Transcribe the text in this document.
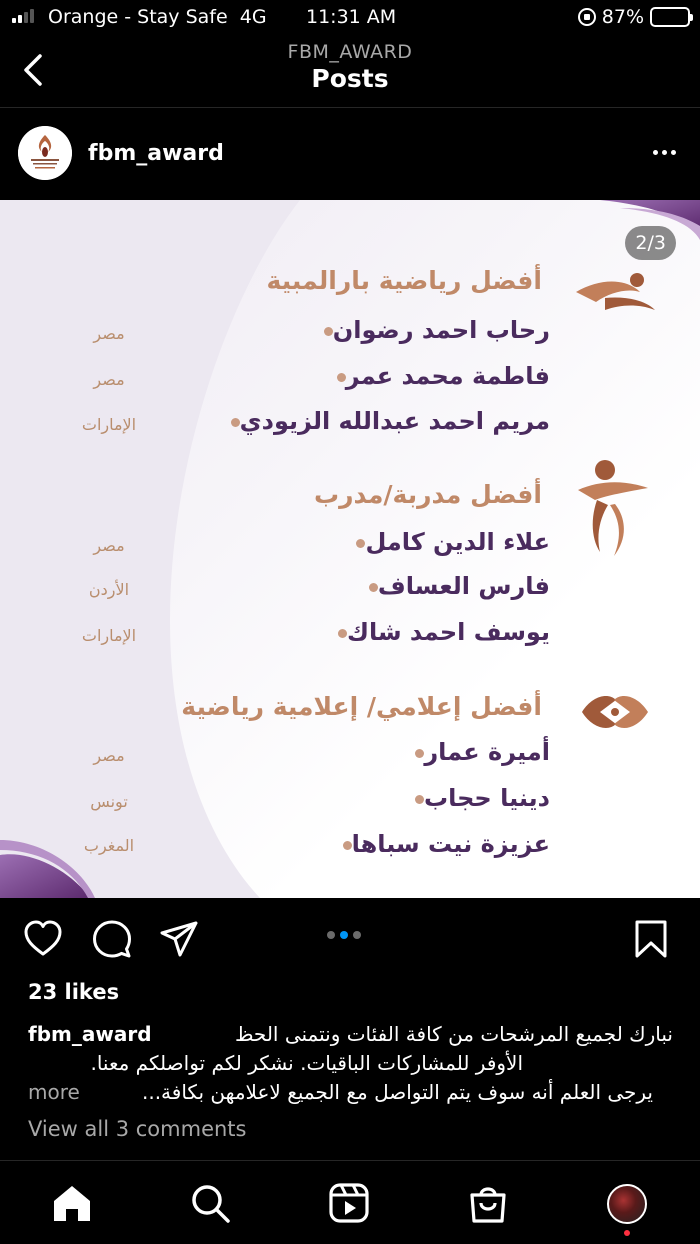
Orange - Stay Safe 4G 11:31 AM	87%
FBM_AWARD
Posts
fbm_award
2/3
أفضل رياضية بارالمبية
رحاب احمد رضوان
مصر
فاطمة محمد عمر
مصر
مريم احمد عبدالله الزيودي
الإمارات
أفضل مدربة/مدرب
علاء الدين كامل
مصر
فارس العساف
الأردن
يوسف احمد شاك
الإمارات
أفضل إعلامي/ إعلامية رياضية
أميرة عمار
مصر
دينيا حجاب
تونس
عزيزة نيت سباها
المغرب
23 likes
fbm_award	نبارك لجميع المرشحات من كافة الفئات ونتمنى الحظ
.الأوفر للمشاركات الباقيات. نشكر لكم تواصلكم معنا
يرجى العلم أنه سوف يتم التواصل مع الجميع لاعلامهن بكافة...
more
View all 3 comments
